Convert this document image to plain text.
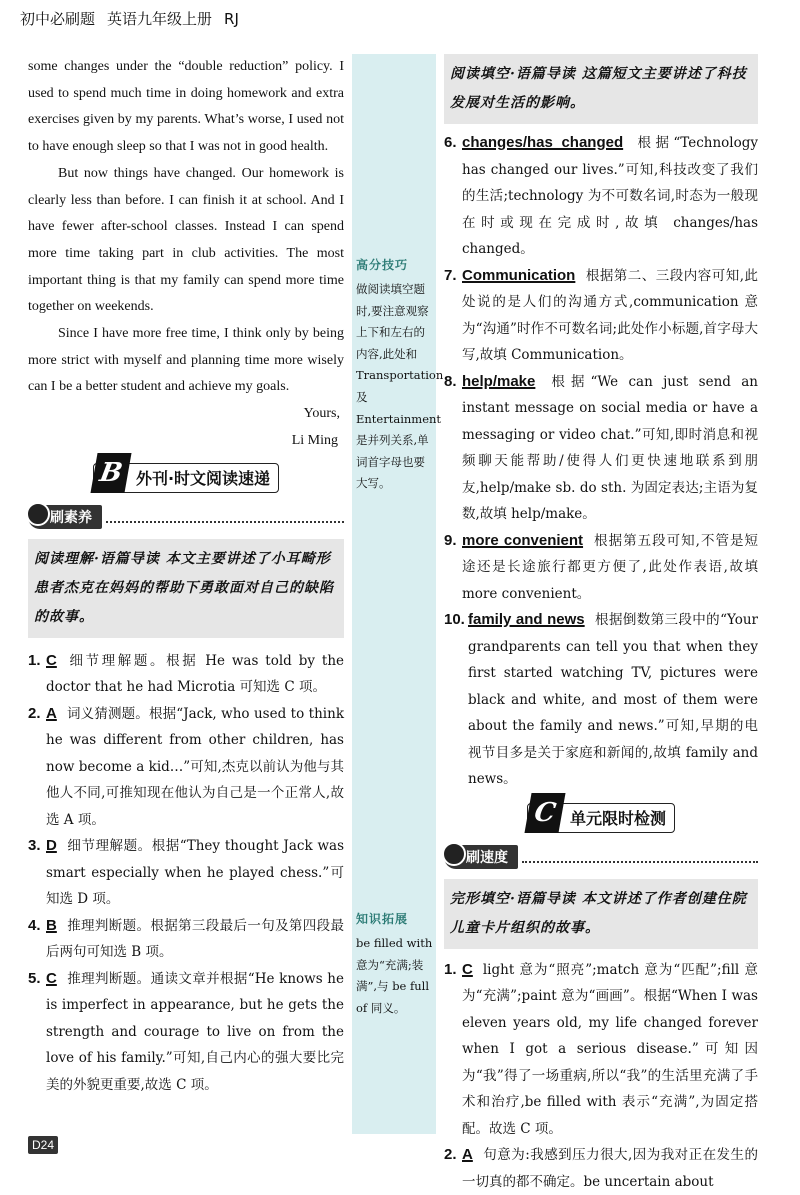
初中必刷题 英语九年级上册 RJ

some changes under the “double reduction” policy. I used to spend much time in doing homework and extra exercises given by my parents. What’s worse, I used not to have enough sleep so that I was not in good health.

But now things have changed. Our homework is clearly less than before. I can finish it at school. And I have fewer after-school classes. Instead I can spend more time taking part in club activities. The most important thing is that my family can spend more time together on weekends.

Since I have more free time, I think only by being more strict with myself and planning time more wisely can I be a better student and achieve my goals.

Yours,
Li Ming
B 外刊·时文阅读速递
刷素养
阅读理解·语篇导读 本文主要讲述了小耳畸形患者杰克在妈妈的帮助下勇敢面对自己的缺陷的故事。
1. C 细节理解题。根据 He was told by the doctor that he had Microtia 可知选 C 项。
2. A 词义猜测题。根据“Jack, who used to think he was different from other children, has now become a kid…”可知,杰克以前认为他与其他人不同,可推知现在他认为自己是一个正常人,故选 A 项。
3. D 细节理解题。根据“They thought Jack was smart especially when he played chess.”可知选 D 项。
4. B 推理判断题。根据第三段最后一句及第四段最后两句可知选 B 项。
5. C 推理判断题。通读文章并根据“He knows he is imperfect in appearance, but he gets the strength and courage to live on from the love of his family.”可知,自己内心的强大要比完美的外貌更重要,故选 C 项。
高分技巧
做阅读填空题时,要注意观察上下和左右的内容,此处和 Transportation 及 Entertainment 是并列关系,单词首字母也要大写。
知识拓展
be filled with 意为“充满;装满”,与 be full of 同义。
阅读填空·语篇导读 这篇短文主要讲述了科技发展对生活的影响。
6. changes/has changed 根据“Technology has changed our lives.”可知,科技改变了我们的生活;technology 为不可数名词,时态为一般现在时或现在完成时,故填 changes/has changed。
7. Communication 根据第二、三段内容可知,此处说的是人们的沟通方式,communication 意为“沟通”时作不可数名词;此处作小标题,首字母大写,故填 Communication。
8. help/make 根据“We can just send an instant message on social media or have a messaging or video chat.”可知,即时消息和视频聊天能帮助/使得人们更快速地联系到朋友,help/make sb. do sth. 为固定表达;主语为复数,故填 help/make。
9. more convenient 根据第五段可知,不管是短途还是长途旅行都更方便了,此处作表语,故填 more convenient。
10. family and news 根据倒数第三段中的“Your grandparents can tell you that when they first started watching TV, pictures were black and white, and most of them were about the family and news.”可知,早期的电视节目多是关于家庭和新闻的,故填 family and news。
C 单元限时检测
刷速度
完形填空·语篇导读 本文讲述了作者创建住院儿童卡片组织的故事。
1. C light 意为“照亮”;match 意为“匹配”;fill 意为“充满”;paint 意为“画画”。根据“When I was eleven years old, my life changed forever when I got a serious disease.”可知因为“我”得了一场重病,所以“我”的生活里充满了手术和治疗,be filled with 表示“充满”,为固定搭配。故选 C 项。
2. A 句意为:我感到压力很大,因为我对正在发生的一切真的都不确定。be uncertain about
D24
